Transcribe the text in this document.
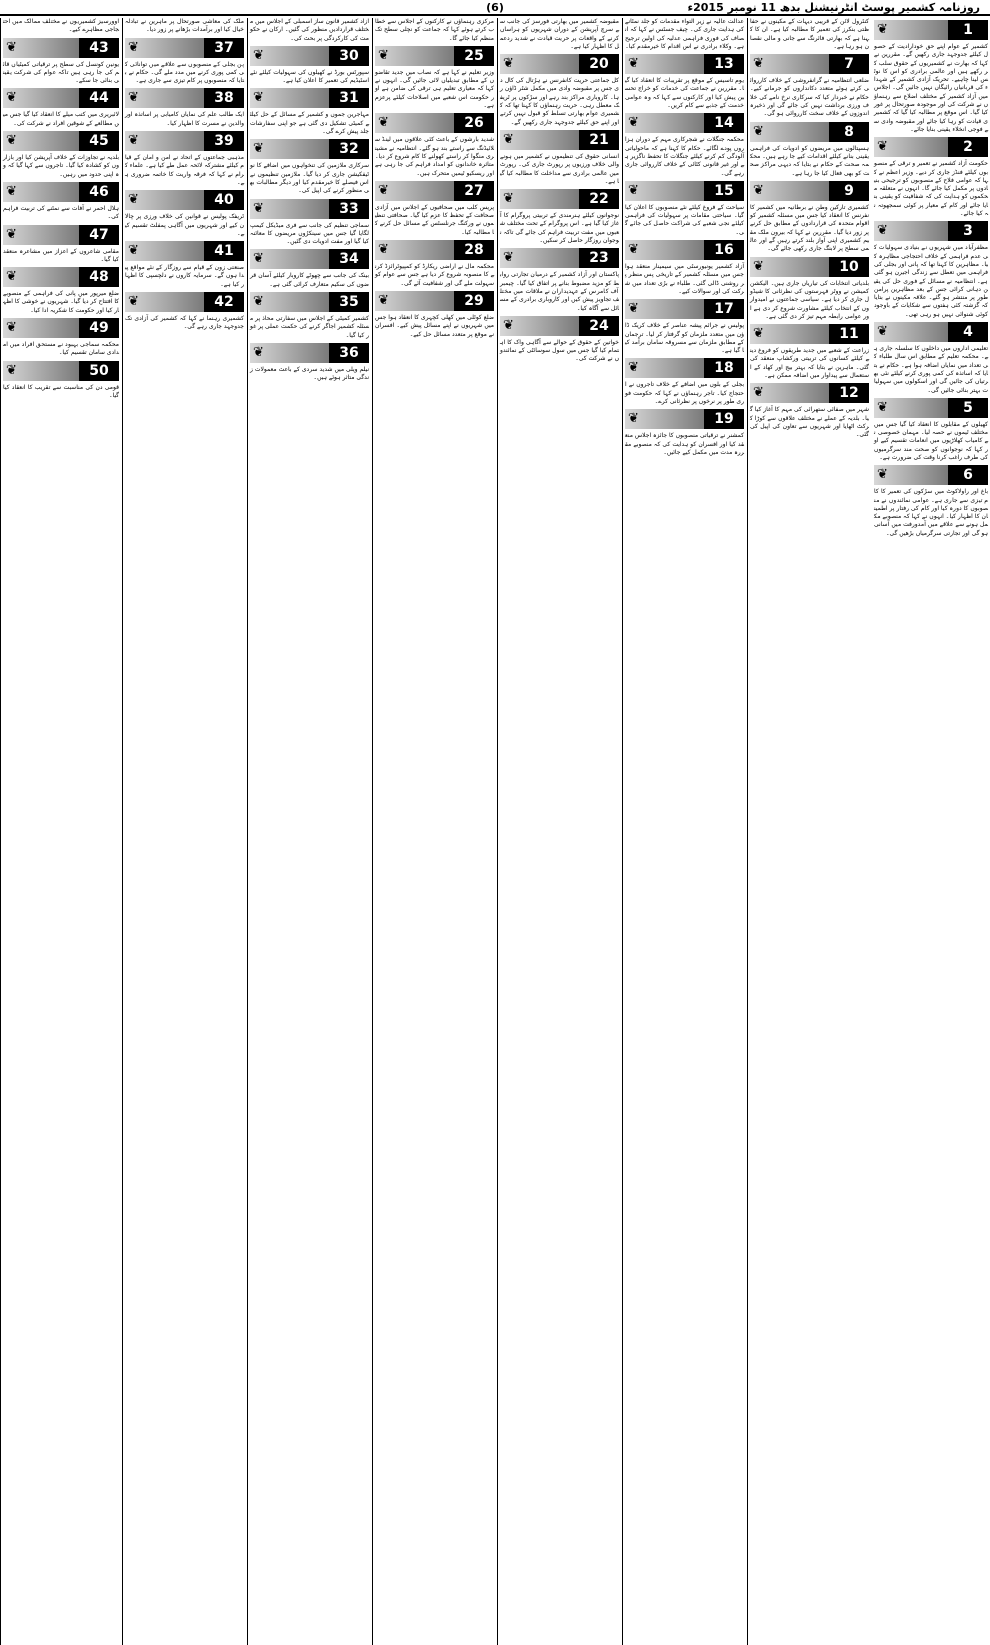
(6)	روزنامہ کشمیر پوسٹ انٹرنیشنل بدھ 11 نومبر 2015ء
1
❦
کشمیر کے عوام اپنے حق خودارادیت کے حصول کیلئے جدوجہد جاری رکھیں گے۔ مقررین نے کہا کہ بھارت نے کشمیریوں کے حقوق سلب کر رکھے ہیں اور عالمی برادری کو اس کا نوٹس لینا چاہیے۔ تحریک آزادی کشمیر کے شہداء کی قربانیاں رائیگاں نہیں جائیں گی۔ اجلاس میں آزاد کشمیر کے مختلف اضلاع سے رہنماؤں نے شرکت کی اور موجودہ صورتحال پر غور کیا گیا۔ اس موقع پر مطالبہ کیا گیا کہ کشمیری قیادت کو رہا کیا جائے اور مقبوضہ وادی سے فوجی انخلاء یقینی بنایا جائے۔
2
❦
حکومت آزاد کشمیر نے تعمیر و ترقی کے منصوبوں کیلئے فنڈز جاری کر دیے۔ وزیر اعظم نے کہا کہ عوامی فلاح کے منصوبوں کو ترجیحی بنیادوں پر مکمل کیا جائے گا۔ انہوں نے متعلقہ محکموں کو ہدایت کی کہ شفافیت کو یقینی بنایا جائے اور کام کے معیار پر کوئی سمجھوتہ نہ کیا جائے۔
3
❦
مظفرآباد میں شہریوں نے بنیادی سہولیات کی عدم فراہمی کے خلاف احتجاجی مظاہرہ کیا۔ مظاہرین کا کہنا تھا کہ پانی اور بجلی کی فراہمی میں تعطل سے زندگی اجیرن ہو گئی ہے۔ انتظامیہ نے مسائل کے فوری حل کی یقین دہانی کرائی جس کے بعد مظاہرین پرامن طور پر منتشر ہو گئے۔ علاقہ مکینوں نے بتایا کہ گزشتہ کئی ہفتوں سے شکایات کے باوجود کوئی شنوائی نہیں ہو رہی تھی۔
4
❦
تعلیمی اداروں میں داخلوں کا سلسلہ جاری ہے۔ محکمہ تعلیم کے مطابق اس سال طلباء کی تعداد میں نمایاں اضافہ ہوا ہے۔ حکام نے بتایا کہ اساتذہ کی کمی پوری کرنے کیلئے نئی بھرتیاں کی جائیں گی اور اسکولوں میں سہولیات بہتر بنائی جائیں گی۔
5
❦
کھیلوں کے مقابلوں کا انعقاد کیا گیا جس میں مختلف ٹیموں نے حصہ لیا۔ مہمان خصوصی نے کامیاب کھلاڑیوں میں انعامات تقسیم کیے اور کہا کہ نوجوانوں کو صحت مند سرگرمیوں کی طرف راغب کرنا وقت کی ضرورت ہے۔
6
❦
باغ اور راولاکوٹ میں سڑکوں کی تعمیر کا کام تیزی سے جاری ہے۔ عوامی نمائندوں نے منصوبوں کا دورہ کیا اور کام کی رفتار پر اطمینان کا اظہار کیا۔ انہوں نے کہا کہ منصوبے مکمل ہونے سے علاقے میں آمدورفت میں آسانی ہو گی اور تجارتی سرگرمیاں بڑھیں گی۔
کنٹرول لائن کے قریبی دیہات کے مکینوں نے حفاظتی بنکرز کی تعمیر کا مطالبہ کیا ہے۔ ان کا کہنا ہے کہ بھارتی فائرنگ سے جانی و مالی نقصان ہو رہا ہے۔
7
❦
ضلعی انتظامیہ نے گرانفروشی کے خلاف کارروائی کرتے ہوئے متعدد دکانداروں کو جرمانے کیے۔ حکام نے خبردار کیا کہ سرکاری نرخ نامے کی خلاف ورزی برداشت نہیں کی جائے گی اور ذخیرہ اندوزوں کے خلاف سخت کارروائی ہو گی۔
8
❦
ہسپتالوں میں مریضوں کو ادویات کی فراہمی یقینی بنانے کیلئے اقدامات کیے جا رہے ہیں۔ محکمہ صحت کے حکام نے بتایا کہ دیہی مراکز صحت کو بھی فعال کیا جا رہا ہے۔
9
❦
کشمیری تارکین وطن نے برطانیہ میں کشمیر کانفرنس کا انعقاد کیا جس میں مسئلہ کشمیر کو اقوام متحدہ کی قراردادوں کے مطابق حل کرنے پر زور دیا گیا۔ مقررین نے کہا کہ بیرون ملک مقیم کشمیری اپنی آواز بلند کرتے رہیں گے اور عالمی سطح پر لابنگ جاری رکھی جائے گی۔
10
❦
بلدیاتی انتخابات کی تیاریاں جاری ہیں۔ الیکشن کمیشن نے ووٹر فہرستوں کی نظرثانی کا شیڈول جاری کر دیا ہے۔ سیاسی جماعتوں نے امیدواروں کے انتخاب کیلئے مشاورت شروع کر دی ہے اور عوامی رابطہ مہم تیز کر دی گئی ہے۔
11
❦
زراعت کے شعبے میں جدید طریقوں کو فروغ دینے کیلئے کسانوں کی تربیتی ورکشاپ منعقد کی گئی۔ ماہرین نے بتایا کہ بہتر بیج اور کھاد کے استعمال سے پیداوار میں اضافہ ممکن ہے۔
12
❦
شہر میں صفائی ستھرائی کی مہم کا آغاز کیا گیا۔ بلدیہ کے عملے نے مختلف علاقوں سے کوڑا کرکٹ اٹھایا اور شہریوں سے تعاون کی اپیل کی گئی۔
عدالت عالیہ نے زیر التواء مقدمات کو جلد نمٹانے کی ہدایت جاری کی۔ چیف جسٹس نے کہا کہ انصاف کی فوری فراہمی عدلیہ کی اولین ترجیح ہے۔ وکلاء برادری نے اس اقدام کا خیرمقدم کیا۔
13
❦
یوم تاسیس کے موقع پر تقریبات کا انعقاد کیا گیا۔ مقررین نے جماعت کی خدمات کو خراج تحسین پیش کیا اور کارکنوں سے کہا کہ وہ عوامی خدمت کے جذبے سے کام کریں۔
14
❦
محکمہ جنگلات نے شجرکاری مہم کے دوران ہزاروں پودے لگائے۔ حکام کا کہنا ہے کہ ماحولیاتی آلودگی کم کرنے کیلئے جنگلات کا تحفظ ناگزیر ہے اور غیر قانونی کٹائی کے خلاف کارروائی جاری رہے گی۔
15
❦
سیاحت کے فروغ کیلئے نئے منصوبوں کا اعلان کیا گیا۔ سیاحتی مقامات پر سہولیات کی فراہمی کیلئے نجی شعبے کی شراکت حاصل کی جائے گی۔
16
❦
آزاد کشمیر یونیورسٹی میں سیمینار منعقد ہوا جس میں مسئلہ کشمیر کے تاریخی پس منظر پر روشنی ڈالی گئی۔ طلباء نے بڑی تعداد میں شرکت کی اور سوالات کیے۔
17
❦
پولیس نے جرائم پیشہ عناصر کے خلاف کریک ڈاؤن میں متعدد ملزمان کو گرفتار کر لیا۔ ترجمان کے مطابق ملزمان سے مسروقہ سامان برآمد کیا گیا ہے۔
18
❦
بجلی کے بلوں میں اضافے کے خلاف تاجروں نے احتجاج کیا۔ تاجر رہنماؤں نے کہا کہ حکومت فوری طور پر نرخوں پر نظرثانی کرے۔
19
❦
کمشنر نے ترقیاتی منصوبوں کا جائزہ اجلاس منعقد کیا اور افسران کو ہدایت کی کہ منصوبے مقررہ مدت میں مکمل کیے جائیں۔
مقبوضہ کشمیر میں بھارتی فورسز کی جانب سے سرچ آپریشن کے دوران شہریوں کو ہراساں کرنے کے واقعات پر حریت قیادت نے شدید ردعمل کا اظہار کیا ہے۔
20
❦
کل جماعتی حریت کانفرنس نے ہڑتال کی کال دی جس پر مقبوضہ وادی میں مکمل شٹر ڈاؤن رہا۔ کاروباری مراکز بند رہے اور سڑکوں پر ٹریفک معطل رہی۔ حریت رہنماؤں کا کہنا تھا کہ کشمیری عوام بھارتی تسلط کو قبول نہیں کرتے اور اپنے حق کیلئے جدوجہد جاری رکھیں گے۔
21
❦
انسانی حقوق کی تنظیموں نے کشمیر میں ہونے والی خلاف ورزیوں پر رپورٹ جاری کی۔ رپورٹ میں عالمی برادری سے مداخلت کا مطالبہ کیا گیا ہے۔
22
❦
نوجوانوں کیلئے ہنرمندی کے تربیتی پروگرام کا آغاز کیا گیا ہے۔ اس پروگرام کے تحت مختلف شعبوں میں مفت تربیت فراہم کی جائے گی تاکہ نوجوان روزگار حاصل کر سکیں۔
23
❦
پاکستان اور آزاد کشمیر کے درمیان تجارتی روابط کو مزید مضبوط بنانے پر اتفاق کیا گیا۔ چیمبر آف کامرس کے عہدیداران نے ملاقات میں مختلف تجاویز پیش کیں اور کاروباری برادری کے مسائل سے آگاہ کیا۔
24
❦
خواتین کے حقوق کے حوالے سے آگاہی واک کا اہتمام کیا گیا جس میں سول سوسائٹی کے نمائندوں نے شرکت کی۔
مرکزی رہنماؤں نے کارکنوں کے اجلاس سے خطاب کرتے ہوئے کہا کہ جماعت کو نچلی سطح تک منظم کیا جائے گا۔
25
❦
وزیر تعلیم نے کہا ہے کہ نصاب میں جدید تقاضوں کے مطابق تبدیلیاں لائی جائیں گی۔ انہوں نے کہا کہ معیاری تعلیم ہی ترقی کی ضامن ہے اور حکومت اس شعبے میں اصلاحات کیلئے پرعزم ہے۔
26
❦
شدید بارشوں کے باعث کئی علاقوں میں لینڈ سلائیڈنگ سے راستے بند ہو گئے۔ انتظامیہ نے مشینری منگوا کر راستے کھولنے کا کام شروع کر دیا۔ متاثرہ خاندانوں کو امداد فراہم کی جا رہی ہے اور ریسکیو ٹیمیں متحرک ہیں۔
27
❦
پریس کلب میں صحافیوں کے اجلاس میں آزادی صحافت کے تحفظ کا عزم کیا گیا۔ صحافتی تنظیموں نے ورکنگ جرنلسٹس کے مسائل حل کرنے کا مطالبہ کیا۔
28
❦
محکمہ مال نے اراضی ریکارڈ کو کمپیوٹرائزڈ کرنے کا منصوبہ شروع کر دیا ہے جس سے عوام کو سہولت ملے گی اور شفافیت آئے گی۔
29
❦
ضلع کوٹلی میں کھلی کچہری کا انعقاد ہوا جس میں شہریوں نے اپنے مسائل پیش کیے۔ افسران نے موقع پر متعدد مسائل حل کیے۔
آزاد کشمیر قانون ساز اسمبلی کے اجلاس میں مختلف قراردادیں منظور کی گئیں۔ ارکان نے حکومت کی کارکردگی پر بحث کی۔
30
❦
سپورٹس بورڈ نے کھیلوں کی سہولیات کیلئے نئے اسٹیڈیم کی تعمیر کا اعلان کیا ہے۔
31
❦
مہاجرین جموں و کشمیر کے مسائل کے حل کیلئے کمیٹی تشکیل دی گئی ہے جو اپنی سفارشات جلد پیش کرے گی۔
32
❦
سرکاری ملازمین کی تنخواہوں میں اضافے کا نوٹیفکیشن جاری کر دیا گیا۔ ملازمین تنظیموں نے اس فیصلے کا خیرمقدم کیا اور دیگر مطالبات بھی منظور کرنے کی اپیل کی۔
33
❦
سماجی تنظیم کی جانب سے فری میڈیکل کیمپ لگایا گیا جس میں سینکڑوں مریضوں کا معائنہ کیا گیا اور مفت ادویات دی گئیں۔
34
❦
بینک کی جانب سے چھوٹے کاروبار کیلئے آسان قرضوں کی سکیم متعارف کرائی گئی ہے۔
35
❦
کشمیر کمیٹی کے اجلاس میں سفارتی محاذ پر مسئلہ کشمیر اجاگر کرنے کی حکمت عملی پر غور کیا گیا۔
36
❦
نیلم ویلی میں شدید سردی کے باعث معمولات زندگی متاثر ہوئے ہیں۔
ملک کی معاشی صورتحال پر ماہرین نے تبادلہ خیال کیا اور برآمدات بڑھانے پر زور دیا۔
37
❦
پن بجلی کے منصوبوں سے علاقے میں توانائی کی کمی پوری کرنے میں مدد ملے گی۔ حکام نے بتایا کہ منصوبوں پر کام تیزی سے جاری ہے۔
38
❦
ایک طالب علم کی نمایاں کامیابی پر اساتذہ اور والدین نے مسرت کا اظہار کیا۔
39
❦
مذہبی جماعتوں کے اتحاد نے امن و امان کے قیام کیلئے مشترکہ لائحہ عمل طے کیا ہے۔ علماء کرام نے کہا کہ فرقہ واریت کا خاتمہ ضروری ہے۔
40
❦
ٹریفک پولیس نے قوانین کی خلاف ورزی پر چالان کیے اور شہریوں میں آگاہی پمفلٹ تقسیم کیے۔
41
❦
صنعتی زون کے قیام سے روزگار کے نئے مواقع پیدا ہوں گے۔ سرمایہ کاروں نے دلچسپی کا اظہار کیا ہے۔
42
❦
کشمیری رہنما نے کہا کہ کشمیر کی آزادی تک جدوجہد جاری رہے گی۔
اوورسیز کشمیریوں نے مختلف ممالک میں احتجاجی مظاہرے کیے۔
43
❦
یونین کونسل کی سطح پر ترقیاتی کمیٹیاں قائم کی جا رہی ہیں تاکہ عوام کی شرکت یقینی بنائی جا سکے۔
44
❦
لائبریری میں کتب میلے کا انعقاد کیا گیا جس میں مطالعے کے شوقین افراد نے شرکت کی۔
45
❦
بلدیہ نے تجاوزات کے خلاف آپریشن کیا اور بازاروں کو کشادہ کیا گیا۔ تاجروں سے کہا گیا کہ وہ اپنی حدود میں رہیں۔
46
❦
ہلال احمر نے آفات سے نمٹنے کی تربیت فراہم کی۔
47
❦
مقامی شاعروں کے اعزاز میں مشاعرہ منعقد کیا گیا۔
48
❦
ضلع میرپور میں پانی کی فراہمی کے منصوبے کا افتتاح کر دیا گیا۔ شہریوں نے خوشی کا اظہار کیا اور حکومت کا شکریہ ادا کیا۔
49
❦
محکمہ سماجی بہبود نے مستحق افراد میں امدادی سامان تقسیم کیا۔
50
❦
قومی دن کی مناسبت سے تقریب کا انعقاد کیا گیا۔
